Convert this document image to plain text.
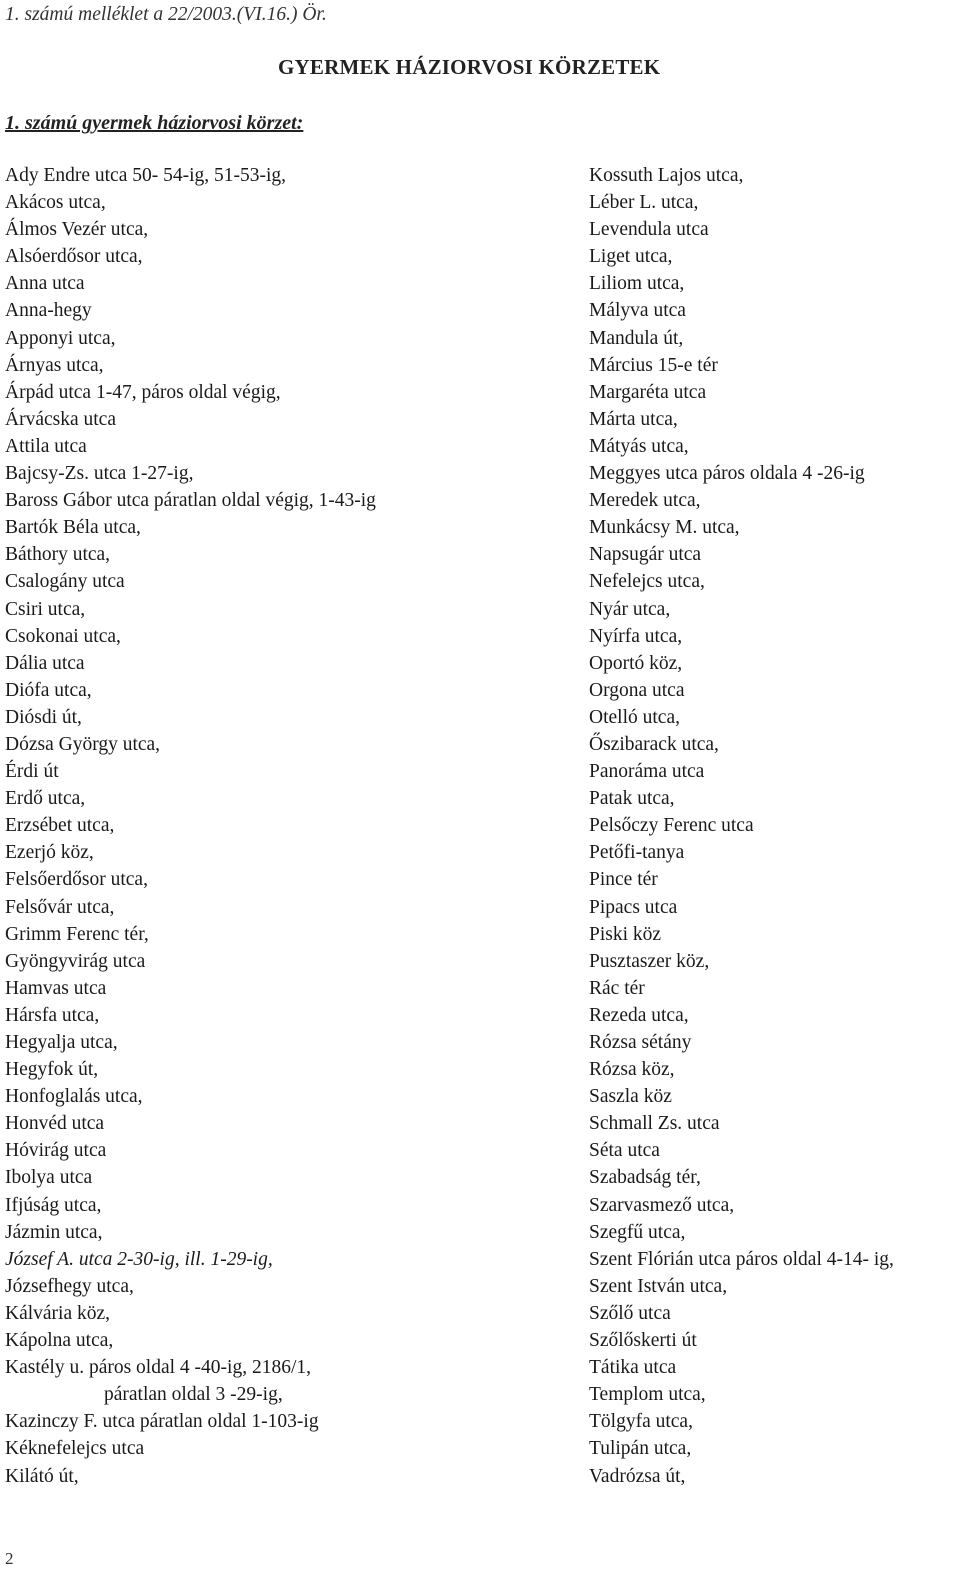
1. számú melléklet a 22/2003.(VI.16.) Ör.
GYERMEK HÁZIORVOSI KÖRZETEK
1. számú gyermek háziorvosi körzet:
Ady Endre utca 50- 54-ig, 51-53-ig,
Akácos utca,
Álmos Vezér utca,
Alsóerdősor utca,
Anna utca
Anna-hegy
Apponyi utca,
Árnyas utca,
Árpád utca 1-47, páros oldal végig,
Árvácska utca
Attila utca
Bajcsy-Zs. utca 1-27-ig,
Baross Gábor utca páratlan oldal végig, 1-43-ig
Bartók Béla utca,
Báthory utca,
Csalogány utca
Csiri utca,
Csokonai utca,
Dália utca
Diófa utca,
Diósdi út,
Dózsa György utca,
Érdi út
Erdő utca,
Erzsébet utca,
Ezerjó köz,
Felsőerdősor utca,
Felsővár utca,
Grimm Ferenc tér,
Gyöngyvirág utca
Hamvas utca
Hársfa utca,
Hegyalja utca,
Hegyfok út,
Honfoglalás utca,
Honvéd utca
Hóvirág utca
Ibolya utca
Ifjúság utca,
Jázmin utca,
József A. utca 2-30-ig, ill. 1-29-ig,
Józsefhegy utca,
Kálvária köz,
Kápolna utca,
Kastély u. páros oldal 4 -40-ig, 2186/1,
páratlan oldal 3 -29-ig,
Kazinczy F. utca páratlan oldal 1-103-ig
Kéknefelejcs utca
Kilátó út,
Kossuth Lajos utca,
Léber L. utca,
Levendula utca
Liget utca,
Liliom utca,
Mályva utca
Mandula út,
Március 15-e tér
Margaréta utca
Márta utca,
Mátyás utca,
Meggyes utca páros oldala 4 -26-ig
Meredek utca,
Munkácsy M. utca,
Napsugár utca
Nefelejcs utca,
Nyár utca,
Nyírfa utca,
Oportó köz,
Orgona utca
Otelló utca,
Őszibarack utca,
Panoráma utca
Patak utca,
Pelsőczy Ferenc utca
Petőfi-tanya
Pince tér
Pipacs utca
Piski köz
Pusztaszer köz,
Rác tér
Rezeda utca,
Rózsa sétány
Rózsa köz,
Saszla köz
Schmall Zs. utca
Séta utca
Szabadság tér,
Szarvasmező utca,
Szegfű utca,
Szent Flórián utca páros oldal 4-14- ig,
Szent István utca,
Szőlő utca
Szőlőskerti út
Tátika utca
Templom utca,
Tölgyfa utca,
Tulipán utca,
Vadrózsa út,
2
